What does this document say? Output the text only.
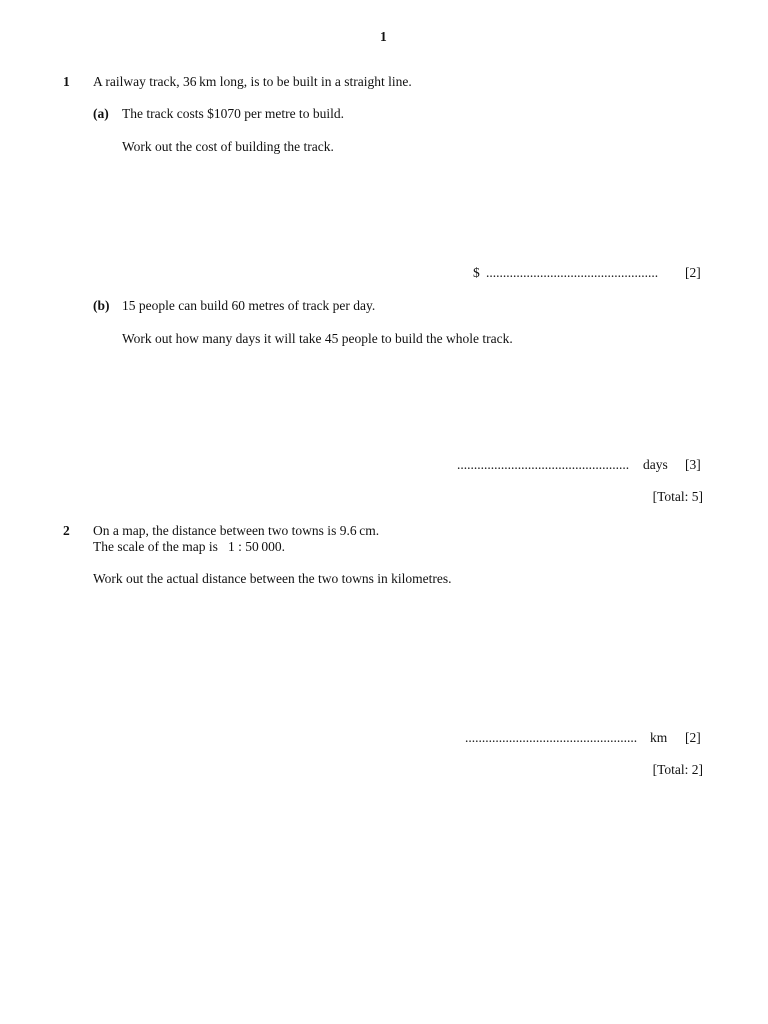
1
1 A railway track, 36 km long, is to be built in a straight line.
(a) The track costs $1070 per metre to build.
Work out the cost of building the track.
$ ...................................................	[2]
(b) 15 people can build 60 metres of track per day.
Work out how many days it will take 45 people to build the whole track.
...................................................	days [3]
[Total: 5]
2 On a map, the distance between two towns is 9.6 cm.
The scale of the map is   1 : 50 000.
Work out the actual distance between the two towns in kilometres.
................................................... km [2]
[Total: 2]
